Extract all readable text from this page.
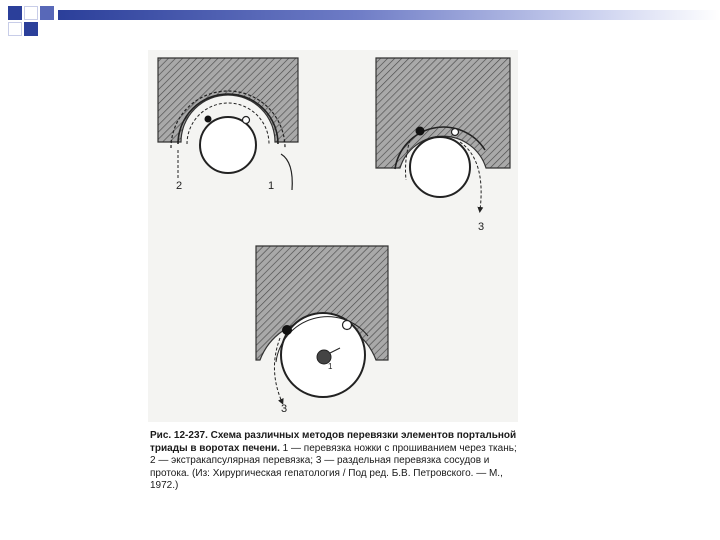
2	1
3
3
1
Рис. 12-237. Схема различных методов перевязки элементов портальной триады в воротах печени. 1 — перевязка ножки с прошиванием через ткань; 2 — экстракапсулярная перевязка; 3 — раздельная перевязка сосудов и протока. (Из: Хирургическая гепатология / Под ред. Б.В. Петровского. — М., 1972.)
